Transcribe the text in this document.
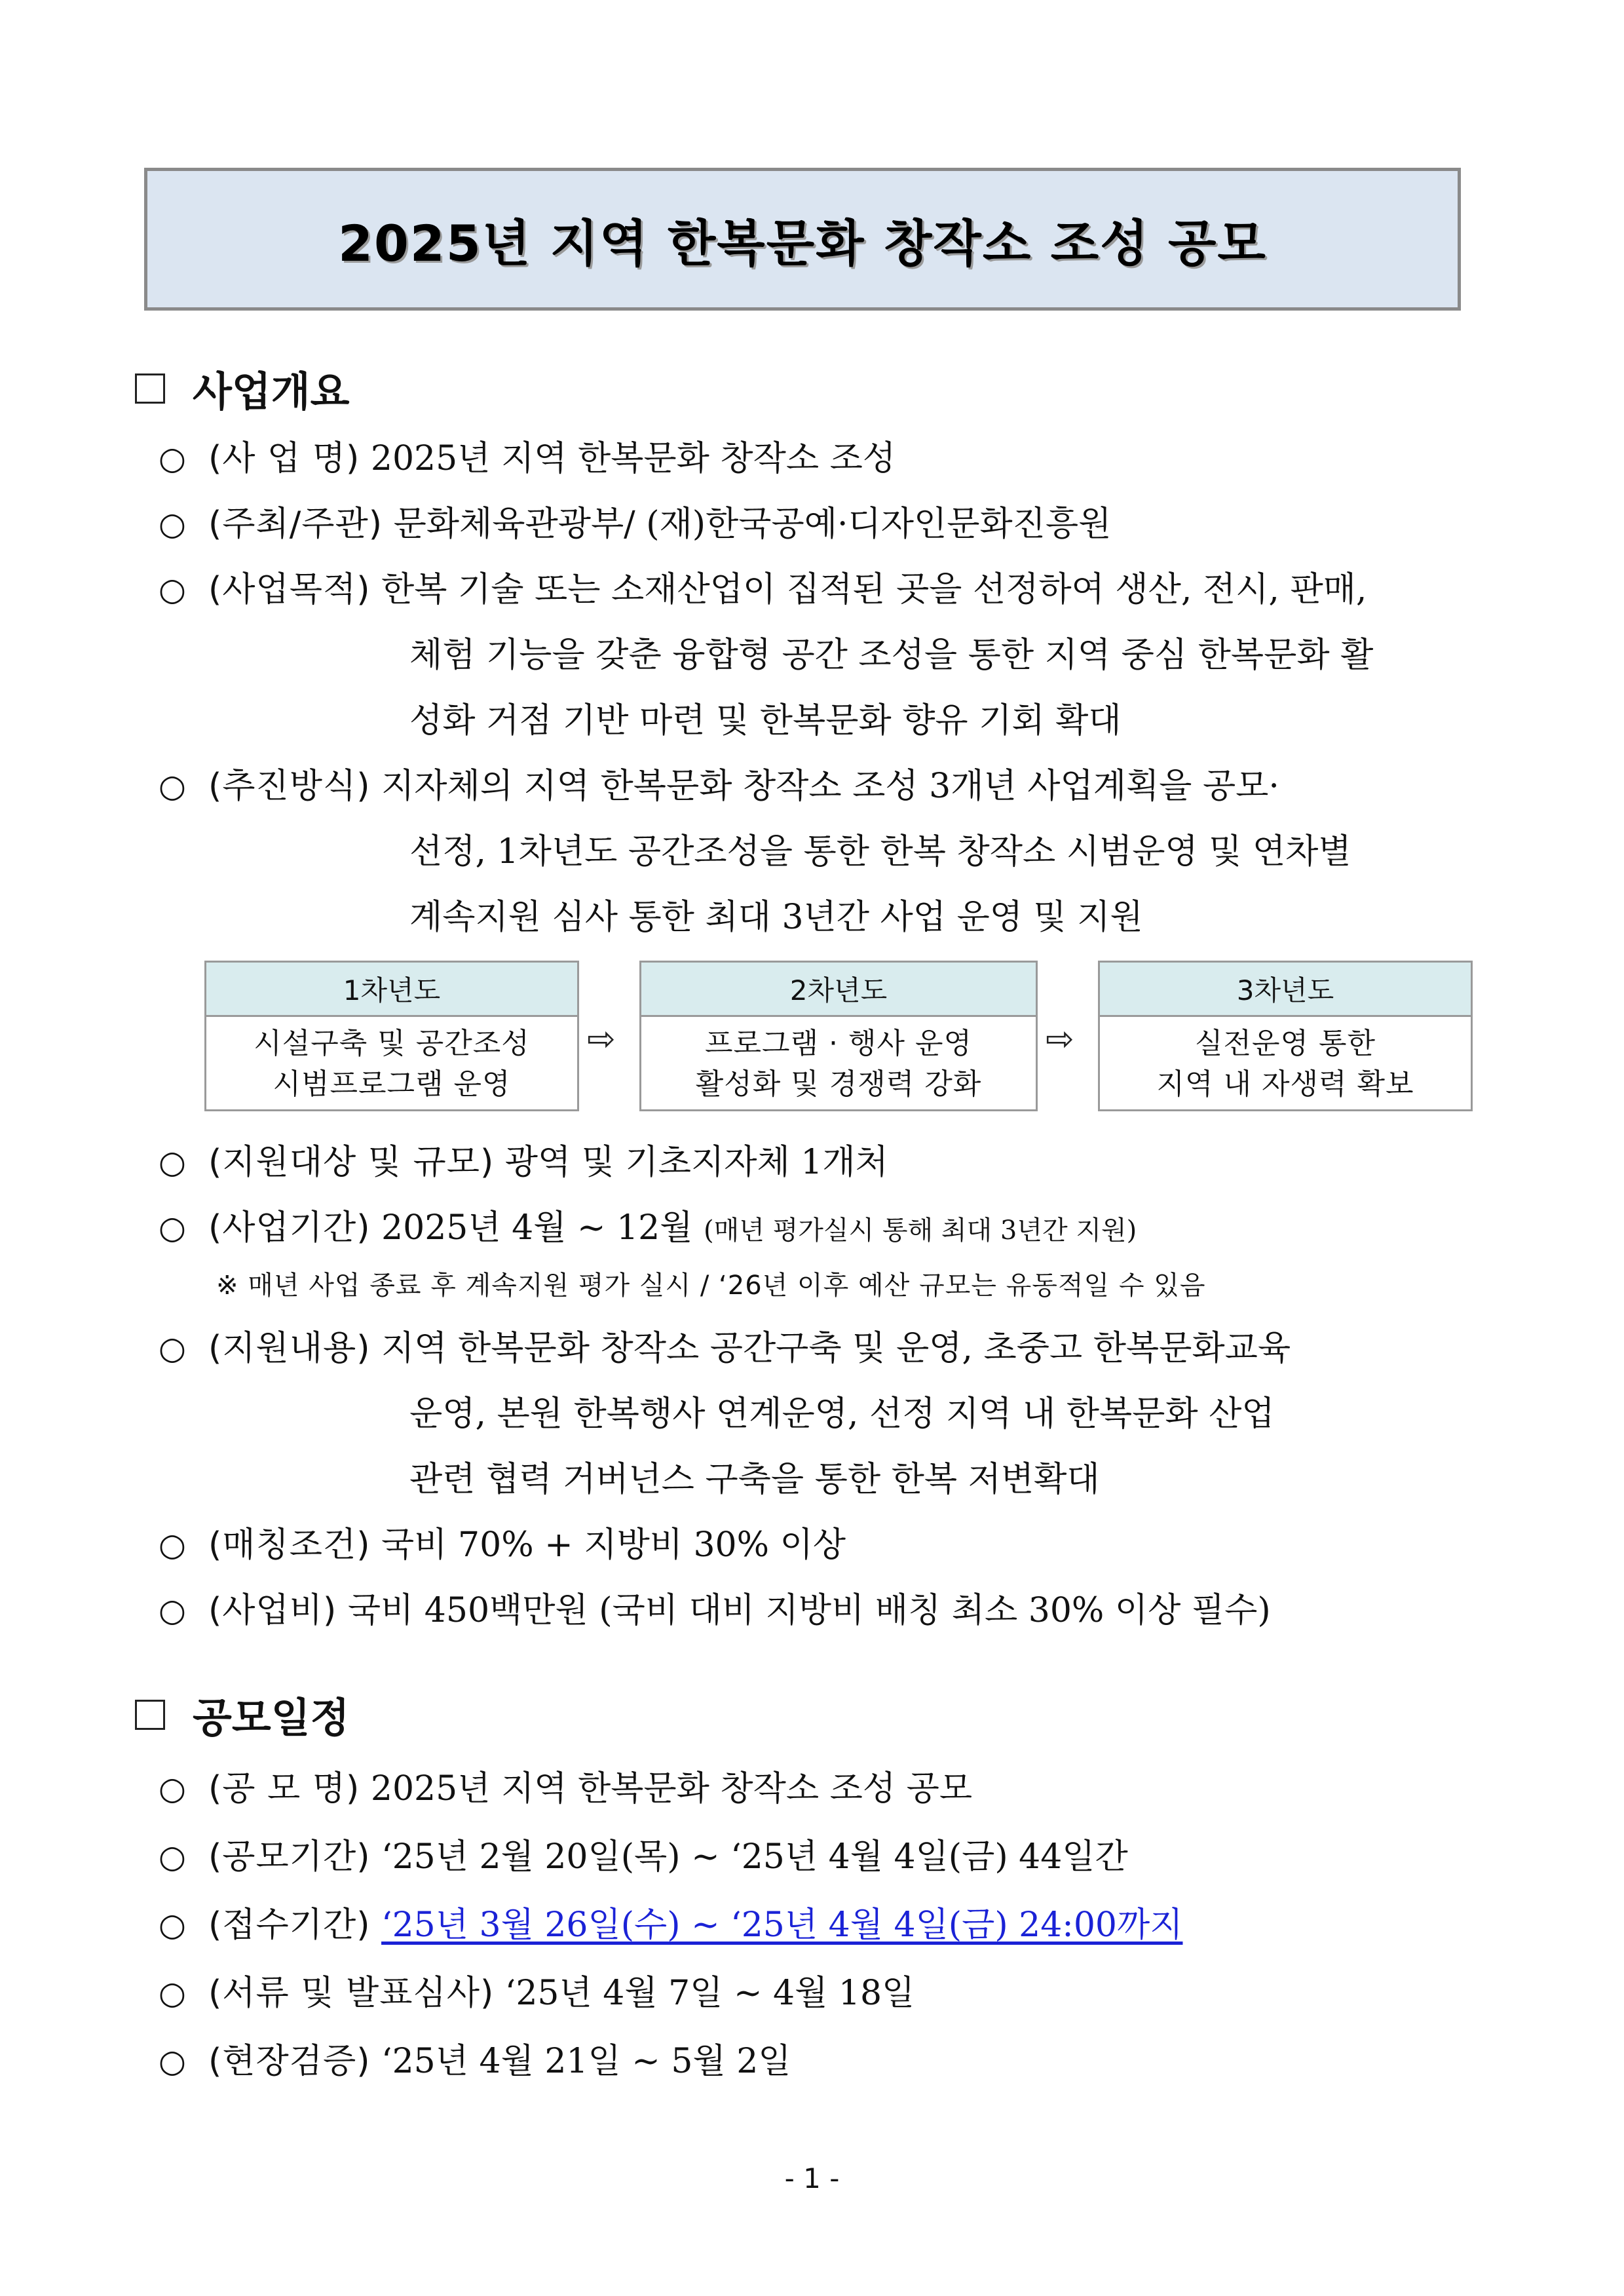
2025년 지역 한복문화 창작소 조성 공모
사업개요
○ (사 업 명) 2025년 지역 한복문화 창작소 조성
○ (주최/주관) 문화체육관광부/ (재)한국공예·디자인문화진흥원
○ (사업목적) 한복 기술 또는 소재산업이 집적된 곳을 선정하여 생산, 전시, 판매,
체험 기능을 갖춘 융합형 공간 조성을 통한 지역 중심 한복문화 활
성화 거점 기반 마련 및 한복문화 향유 기회 확대
○ (추진방식) 지자체의 지역 한복문화 창작소 조성 3개년 사업계획을 공모·
선정, 1차년도 공간조성을 통한 한복 창작소 시범운영 및 연차별
계속지원 심사 통한 최대 3년간 사업 운영 및 지원
1차년도
시설구축 및 공간조성
시범프로그램 운영
⇨
2차년도
프로그램 · 행사 운영
활성화 및 경쟁력 강화
⇨
3차년도
실전운영 통한
지역 내 자생력 확보
○ (지원대상 및 규모) 광역 및 기초지자체 1개처
○ (사업기간) 2025년 4월 ~ 12월 (매년 평가실시 통해 최대 3년간 지원)
※ 매년 사업 종료 후 계속지원 평가 실시 / ‘26년 이후 예산 규모는 유동적일 수 있음
○ (지원내용) 지역 한복문화 창작소 공간구축 및 운영, 초중고 한복문화교육
운영, 본원 한복행사 연계운영, 선정 지역 내 한복문화 산업
관련 협력 거버넌스 구축을 통한 한복 저변확대
○ (매칭조건) 국비 70% + 지방비 30% 이상
○ (사업비) 국비 450백만원 (국비 대비 지방비 배칭 최소 30% 이상 필수)
공모일정
○ (공 모 명) 2025년 지역 한복문화 창작소 조성 공모
○ (공모기간) ‘25년 2월 20일(목) ~ ‘25년 4월 4일(금) 44일간
○ (접수기간) ‘25년 3월 26일(수) ~ ‘25년 4월 4일(금) 24:00까지
○ (서류 및 발표심사) ‘25년 4월 7일 ~ 4월 18일
○ (현장검증) ‘25년 4월 21일 ~ 5월 2일
- 1 -
